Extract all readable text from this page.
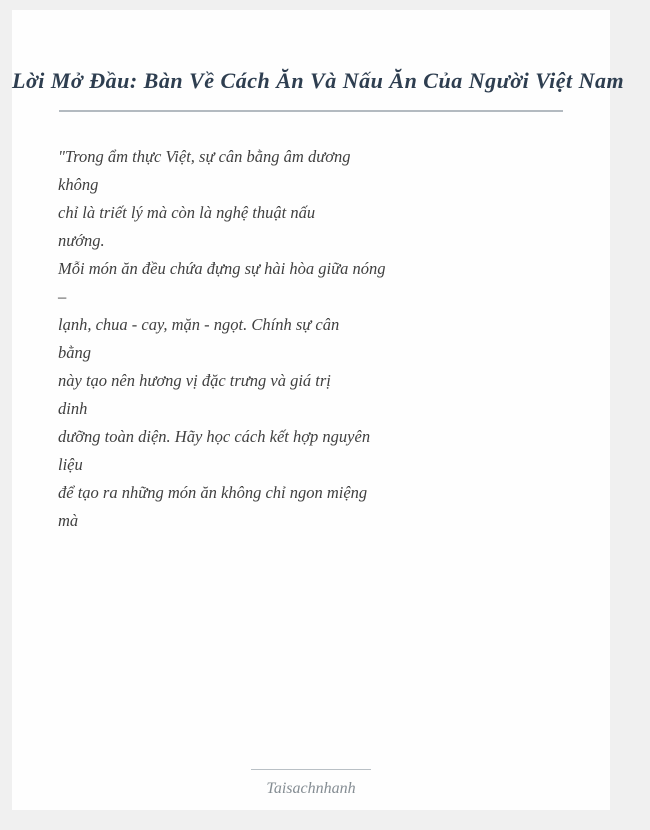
Lời Mở Đầu: Bàn Về Cách Ăn Và Nấu Ăn Của Người Việt Nam
"Trong ẩm thực Việt, sự cân bằng âm dương
không
chỉ là triết lý mà còn là nghệ thuật nấu
nướng.
Mỗi món ăn đều chứa đựng sự hài hòa giữa nóng
–
lạnh, chua - cay, mặn - ngọt. Chính sự cân
bằng
này tạo nên hương vị đặc trưng và giá trị
dinh
dưỡng toàn diện. Hãy học cách kết hợp nguyên
liệu
để tạo ra những món ăn không chỉ ngon miệng
mà
Taisachnhanh
